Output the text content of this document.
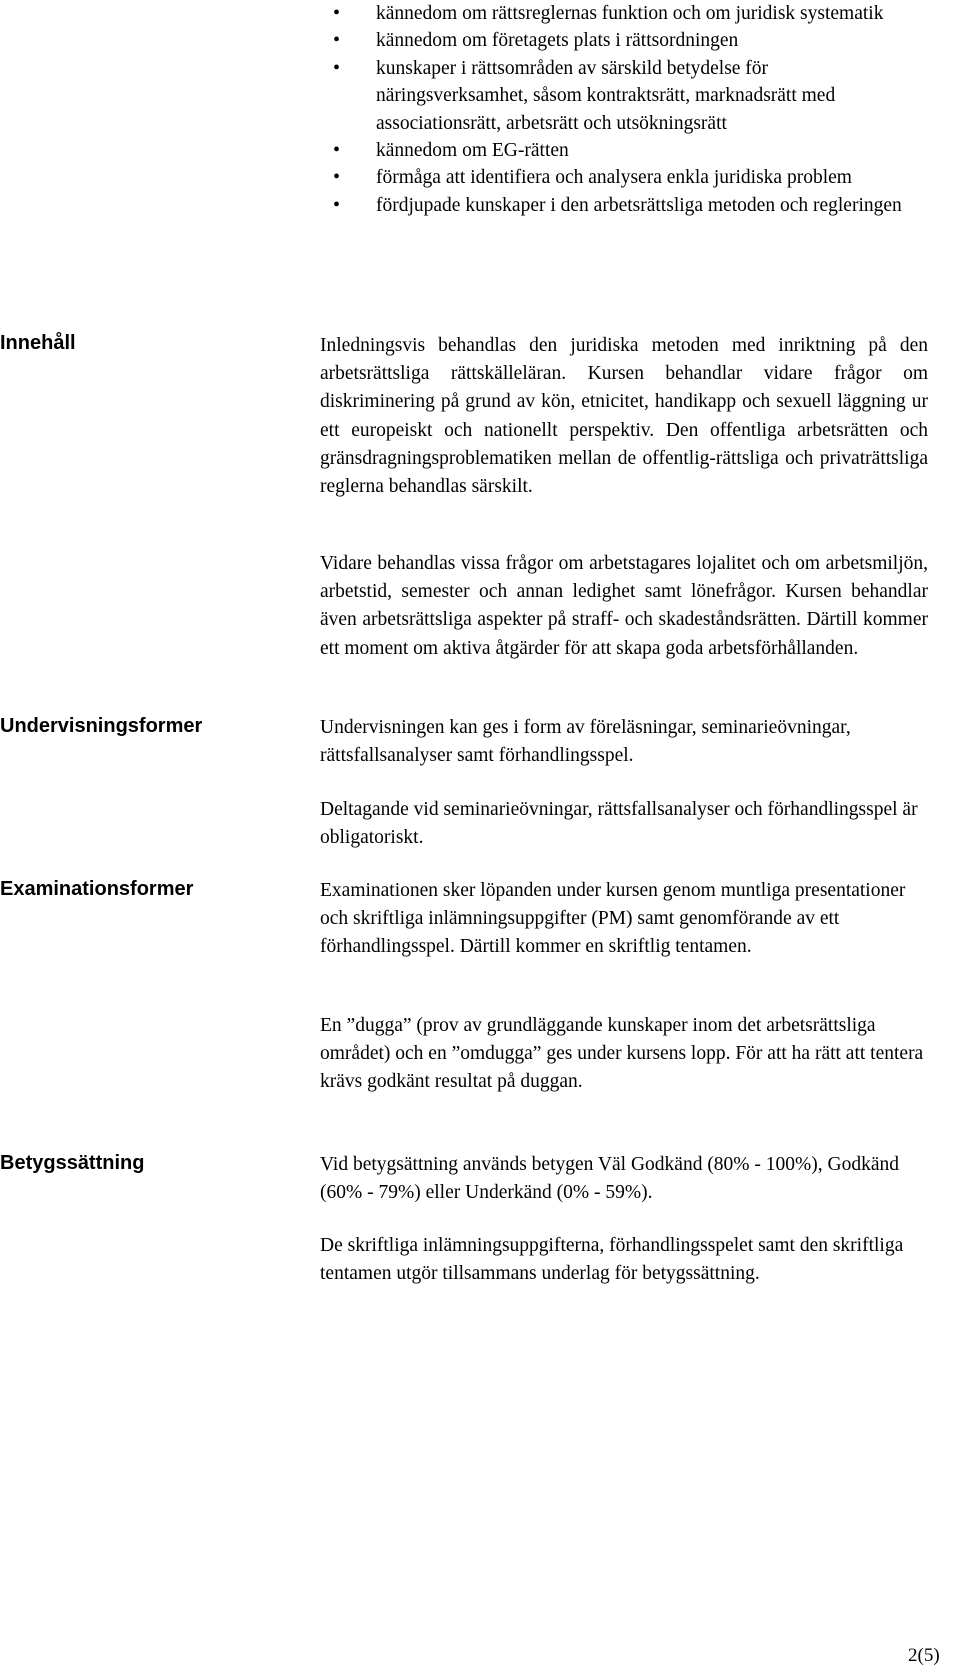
• kännedom om rättsreglernas funktion och om juridisk systematik
• kännedom om företagets plats i rättsordningen
• kunskaper i rättsområden av särskild betydelse för näringsverksamhet, såsom kontraktsrätt, marknadsrätt med associationsrätt, arbetsrätt och utsökningsrätt
• kännedom om EG-rätten
• förmåga att identifiera och analysera enkla juridiska problem
• fördjupade kunskaper i den arbetsrättsliga metoden och regleringen
Innehåll	Inledningsvis behandlas den juridiska metoden med inriktning på den arbetsrättsliga rättskälleläran. Kursen behandlar vidare frågor om diskriminering på grund av kön, etnicitet, handikapp och sexuell läggning ur ett europeiskt och nationellt perspektiv. Den offentliga arbetsrätten och gränsdragningsproblematiken mellan de offentlig-rättsliga och privaträttsliga reglerna behandlas särskilt.

Vidare behandlas vissa frågor om arbetstagares lojalitet och om arbetsmiljön, arbetstid, semester och annan ledighet samt lönefrågor. Kursen behandlar även arbetsrättsliga aspekter på straff- och skadeståndsrätten. Därtill kommer ett moment om aktiva åtgärder för att skapa goda arbetsförhållanden.

Undervisningsformer	Undervisningen kan ges i form av föreläsningar, seminarieövningar, rättsfallsanalyser samt förhandlingsspel.

Deltagande vid seminarieövningar, rättsfallsanalyser och förhandlingsspel är obligatoriskt.

Examinationsformer	Examinationen sker löpanden under kursen genom muntliga presentationer och skriftliga inlämningsuppgifter (PM) samt genomförande av ett förhandlingsspel. Därtill kommer en skriftlig tentamen.

En ”dugga” (prov av grundläggande kunskaper inom det arbetsrättsliga området) och en ”omdugga” ges under kursens lopp. För att ha rätt att tentera krävs godkänt resultat på duggan.

Betygssättning	Vid betygsättning används betygen Väl Godkänd (80% - 100%), Godkänd (60% - 79%) eller Underkänd (0% - 59%).

De skriftliga inlämningsuppgifterna, förhandlingsspelet samt den skriftliga tentamen utgör tillsammans underlag för betygssättning.

2(5)
